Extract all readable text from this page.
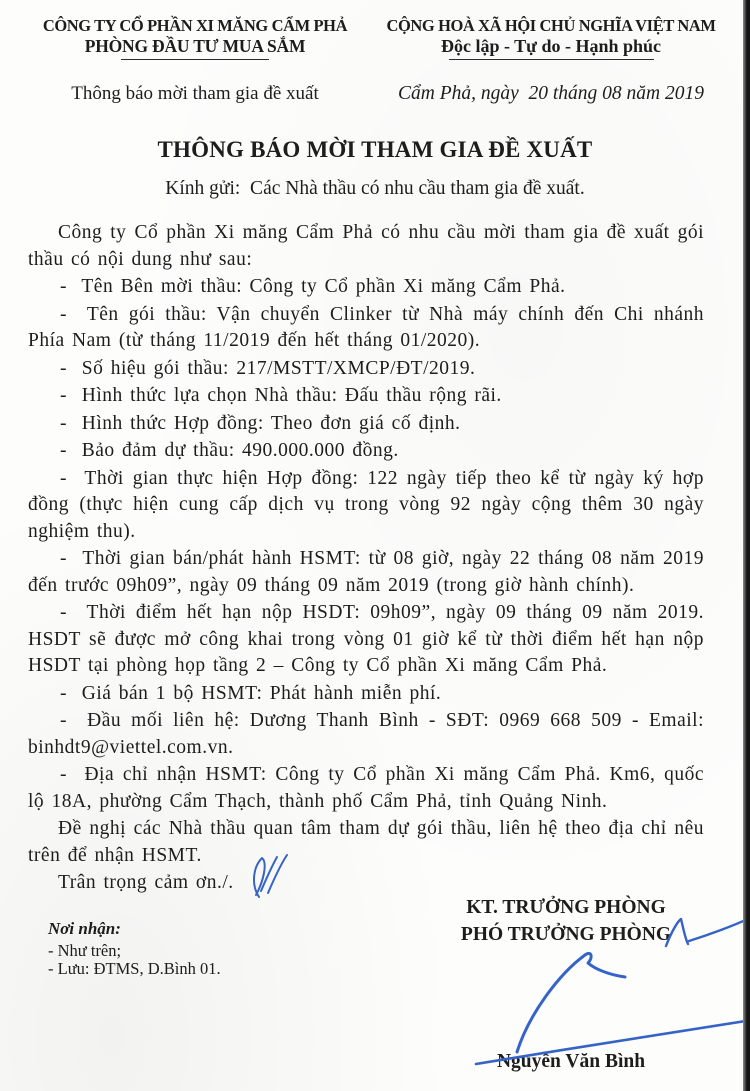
CÔNG TY CỔ PHẦN XI MĂNG CẨM PHẢ
PHÒNG ĐẦU TƯ MUA SẮM
CỘNG HOÀ XÃ HỘI CHỦ NGHĨA VIỆT NAM
Độc lập - Tự do - Hạnh phúc
Thông báo mời tham gia đề xuất	Cẩm Phả, ngày  20 tháng 08 năm 2019
THÔNG BÁO MỜI THAM GIA ĐỀ XUẤT
Kính gửi:  Các Nhà thầu có nhu cầu tham gia đề xuất.

Công ty Cổ phần Xi măng Cẩm Phả có nhu cầu mời tham gia đề xuất gói thầu có nội dung như sau:

-  Tên Bên mời thầu: Công ty Cổ phần Xi măng Cẩm Phả.

-  Tên gói thầu: Vận chuyển Clinker từ Nhà máy chính đến Chi nhánh Phía Nam (từ tháng 11/2019 đến hết tháng 01/2020).

-  Số hiệu gói thầu: 217/MSTT/XMCP/ĐT/2019.

-  Hình thức lựa chọn Nhà thầu: Đấu thầu rộng rãi.

-  Hình thức Hợp đồng: Theo đơn giá cố định.

-  Bảo đảm dự thầu: 490.000.000 đồng.

-  Thời gian thực hiện Hợp đồng: 122 ngày tiếp theo kể từ ngày ký hợp đồng (thực hiện cung cấp dịch vụ trong vòng 92 ngày cộng thêm 30 ngày nghiệm thu).

-  Thời gian bán/phát hành HSMT: từ 08 giờ, ngày 22 tháng 08 năm 2019 đến trước 09h09”, ngày 09 tháng 09 năm 2019 (trong giờ hành chính).

-  Thời điểm hết hạn nộp HSDT: 09h09”, ngày 09 tháng 09 năm 2019. HSDT sẽ được mở công khai trong vòng 01 giờ kể từ thời điểm hết hạn nộp HSDT tại phòng họp tầng 2 – Công ty Cổ phần Xi măng Cẩm Phả.

-  Giá bán 1 bộ HSMT: Phát hành miễn phí.

-  Đầu mối liên hệ: Dương Thanh Bình - SĐT: 0969 668 509 - Email: binhdt9@viettel.com.vn.

-  Địa chỉ nhận HSMT: Công ty Cổ phần Xi măng Cẩm Phả. Km6, quốc lộ 18A, phường Cẩm Thạch, thành phố Cẩm Phả, tỉnh Quảng Ninh.

Đề nghị các Nhà thầu quan tâm tham dự gói thầu, liên hệ theo địa chỉ nêu trên để nhận HSMT.

Trân trọng cảm ơn./.

KT. TRƯỞNG PHÒNG
PHÓ TRƯỞNG PHÒNG
Nguyễn Văn Bình
Nơi nhận:
- Như trên;
- Lưu: ĐTMS, D.Bình 01.
